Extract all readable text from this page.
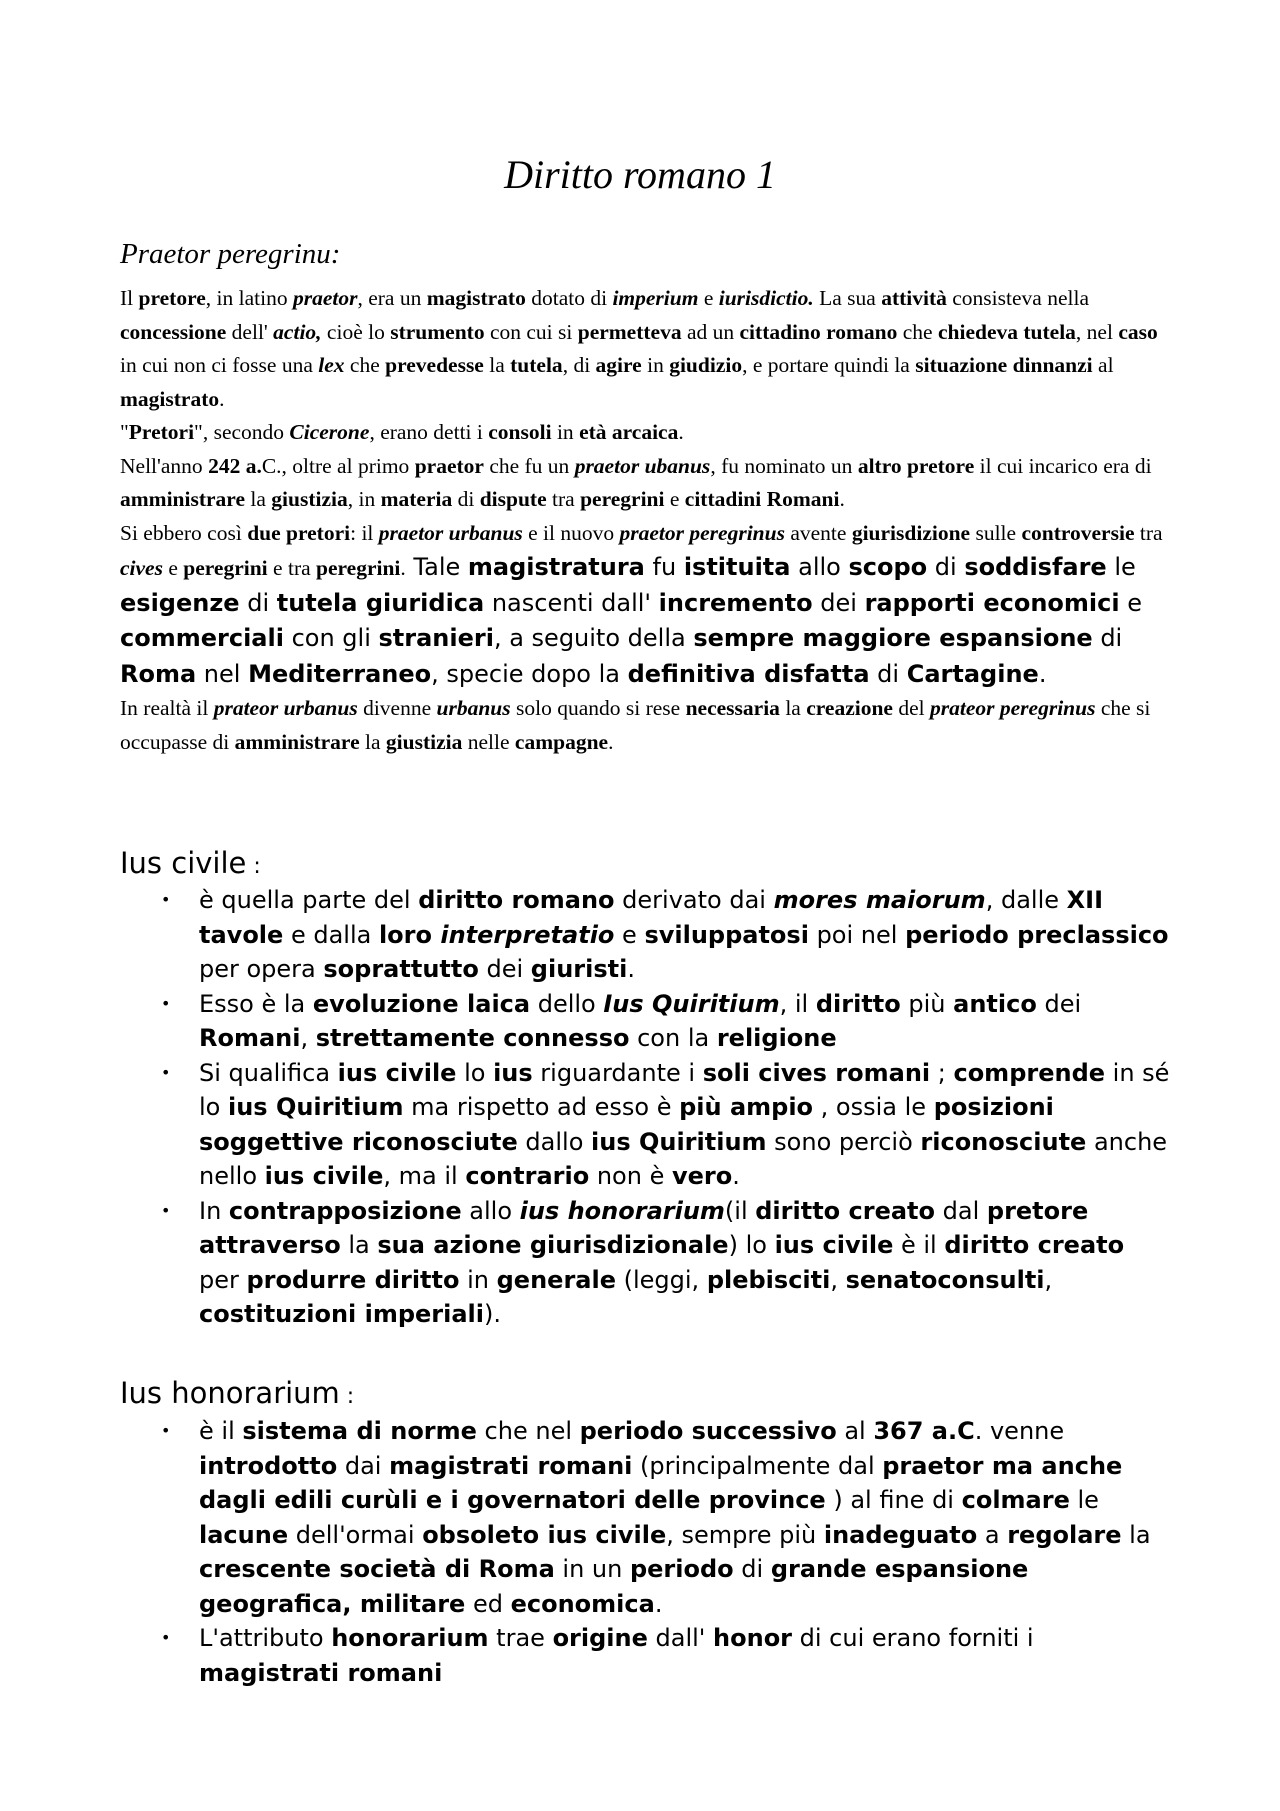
Diritto romano 1
Praetor peregrinu:

Il pretore, in latino praetor, era un magistrato dotato di imperium e iurisdictio. La sua attività consisteva nella concessione dell' actio, cioè lo strumento con cui si permetteva ad un cittadino romano che chiedeva tutela, nel caso in cui non ci fosse una lex che prevedesse la tutela, di agire in giudizio, e portare quindi la situazione dinnanzi al magistrato.

"Pretori", secondo Cicerone, erano detti i consoli in età arcaica.

Nell'anno 242 a.C., oltre al primo praetor che fu un praetor ubanus, fu nominato un altro pretore il cui incarico era di amministrare la giustizia, in materia di dispute tra peregrini e cittadini Romani.

Si ebbero così due pretori: il praetor urbanus e il nuovo praetor peregrinus avente giurisdizione sulle controversie tra cives e peregrini e tra peregrini. Tale magistratura fu istituita allo scopo di soddisfare le esigenze di tutela giuridica nascenti dall' incremento dei rapporti economici e commerciali con gli stranieri, a seguito della sempre maggiore espansione di Roma nel Mediterraneo, specie dopo la definitiva disfatta di Cartagine.

In realtà il prateor urbanus divenne urbanus solo quando si rese necessaria la creazione del prateor peregrinus che si occupasse di amministrare la giustizia nelle campagne.

Ius civile :
• è quella parte del diritto romano derivato dai mores maiorum, dalle XII tavole e dalla loro interpretatio e sviluppatosi poi nel periodo preclassico per opera soprattutto dei giuristi.
• Esso è la evoluzione laica dello Ius Quiritium, il diritto più antico dei Romani, strettamente connesso con la religione
• Si qualifica ius civile lo ius riguardante i soli cives romani ; comprende in sé lo ius Quiritium ma rispetto ad esso è più ampio , ossia le posizioni soggettive riconosciute dallo ius Quiritium sono perciò riconosciute anche nello ius civile, ma il contrario non è vero.
• In contrapposizione allo ius honorarium(il diritto creato dal pretore attraverso la sua azione giurisdizionale) lo ius civile è il diritto creato per produrre diritto in generale (leggi, plebisciti, senatoconsulti, costituzioni imperiali).
Ius honorarium :
• è il sistema di norme che nel periodo successivo al 367 a.C. venne introdotto dai magistrati romani (principalmente dal praetor ma anche dagli edili curùli e i governatori delle province ) al fine di colmare le lacune dell'ormai obsoleto ius civile, sempre più inadeguato a regolare la crescente società di Roma in un periodo di grande espansione geografica, militare ed economica.
• L'attributo honorarium trae origine dall' honor di cui erano forniti i magistrati romani
